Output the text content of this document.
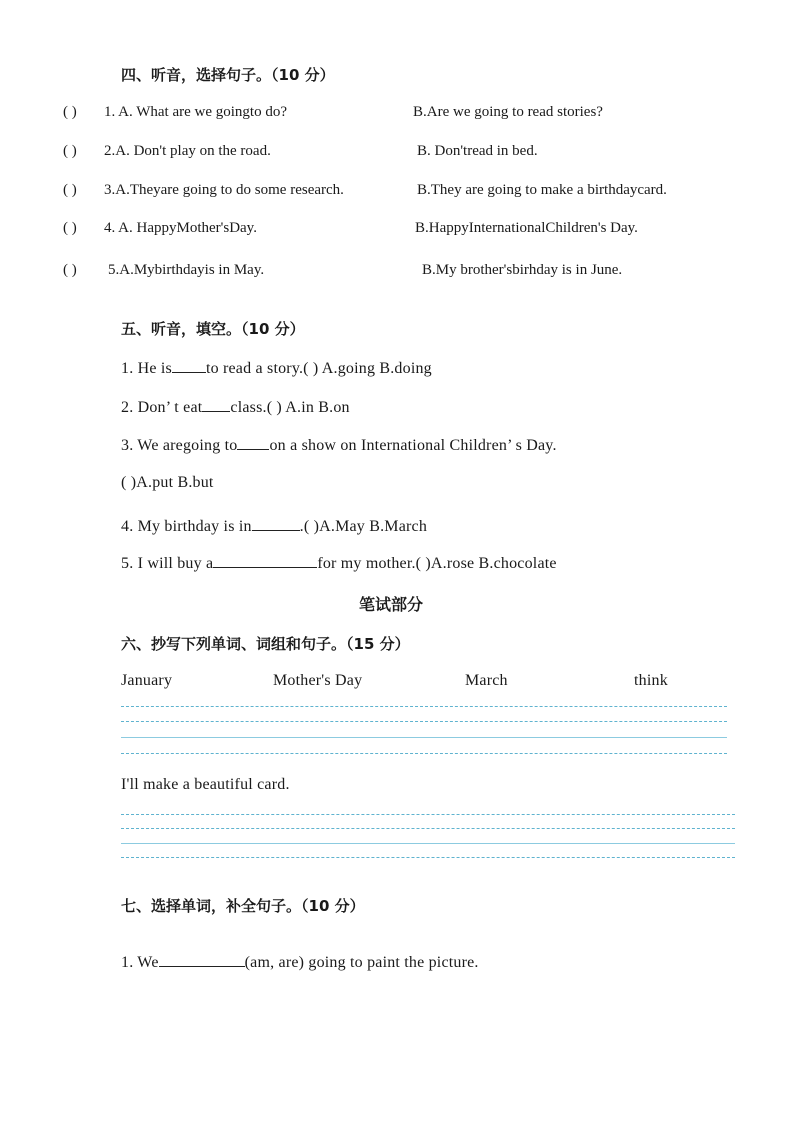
四、听音，选择句子。（10 分）
( ) 1. A. What are we goingto do?	B.Are we going to read stories?
( ) 2.A. Don't play on the road.	B. Don'tread in bed.
( ) 3.A.Theyare going to do some research.	B.They are going to make a birthdaycard.
( ) 4. A. HappyMother'sDay.	B.HappyInternationalChildren's Day.
( ) 5.A.Mybirthdayis in May.	B.My brother'sbirhday is in June.
五、听音，填空。（10 分）
1. He is to read a story.( ) A.going B.doing
2. Don’ t eat class.( ) A.in B.on
3. We aregoing to on a show on International Children’ s Day.
( )A.put B.but
4. My birthday is in	.( )A.May B.March
5. I will buy a	for my mother.( )A.rose B.chocolate
笔试部分
六、抄写下列单词、词组和句子。（15 分）
January	Mother's Day	March	think
I'll make a beautiful card.
七、选择单词，补全句子。（10 分）
1. We	(am, are) going to paint the picture.
